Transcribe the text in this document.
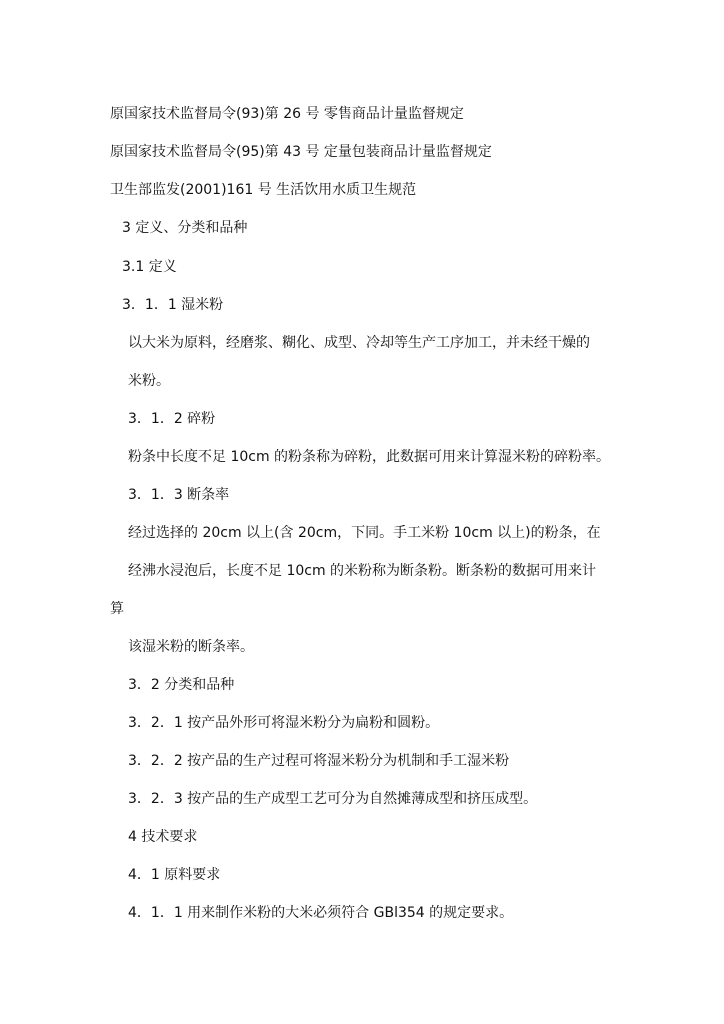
原国家技术监督局令(93)第 26 号 零售商品计量监督规定
原国家技术监督局令(95)第 43 号 定量包装商品计量监督规定
卫生部监发(2001)161 号 生活饮用水质卫生规范
3 定义、分类和品种
3.1 定义
3．1．1 湿米粉
以大米为原料，经磨浆、糊化、成型、冷却等生产工序加工，并未经干燥的
米粉。
3．1．2 碎粉
粉条中长度不足 10cm 的粉条称为碎粉，此数据可用来计算湿米粉的碎粉率。
3．1．3 断条率
经过选择的 20cm 以上(含 20cm，下同。手工米粉 10cm 以上)的粉条，在
经沸水浸泡后，长度不足 10cm 的米粉称为断条粉。断条粉的数据可用来计
算
该湿米粉的断条率。
3．2 分类和品种
3．2．1 按产品外形可将湿米粉分为扁粉和圆粉。
3．2．2 按产品的生产过程可将湿米粉分为机制和手工湿米粉
3．2．3 按产品的生产成型工艺可分为自然摊薄成型和挤压成型。
4 技术要求
4．1 原料要求
4．1．1 用来制作米粉的大米必须符合 GBl354 的规定要求。
